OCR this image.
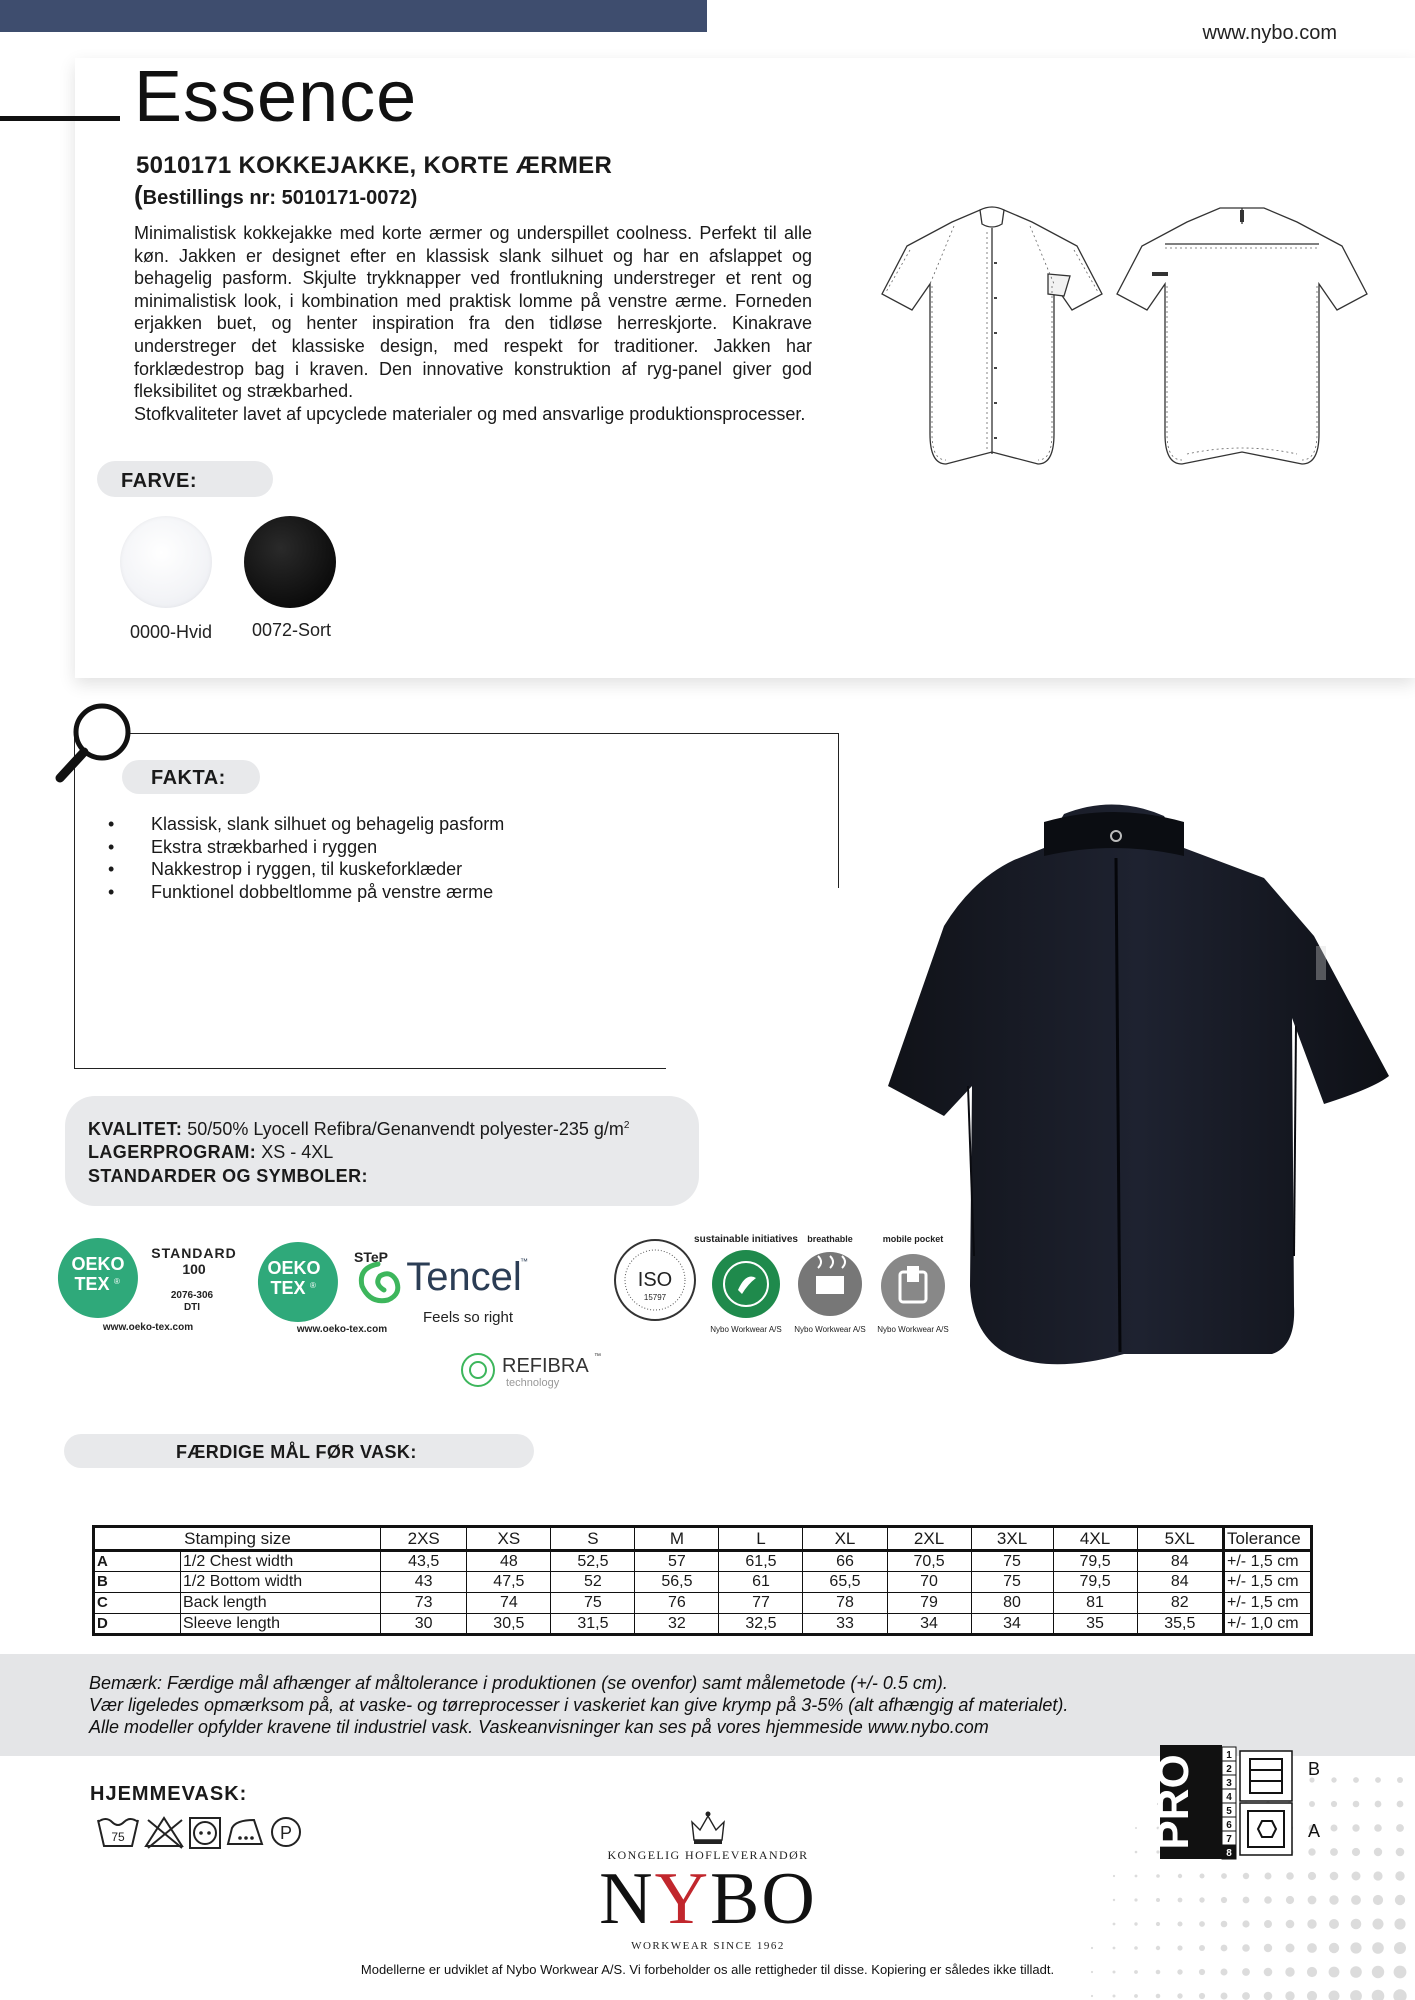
www.nybo.com
Essence
5010171 KOKKEJAKKE, KORTE ÆRMER
(Bestillings nr: 5010171-0072)

Minimalistisk kokkejakke med korte ærmer og underspillet coolness. Perfekt til alle køn. Jakken er designet efter en klassisk slank silhuet og har en afslappet og behagelig pasform. Skjulte trykknapper ved frontlukning understreger et rent og minimalistisk look, i kombination med praktisk lomme på venstre ærme. Forneden erjakken buet, og henter inspiration fra den tidløse herreskjorte. Kinakrave understreger det klassiske design, med respekt for traditioner. Jakken har forklædestrop bag i kraven. Den innovative konstruktion af ryg-panel giver god fleksibilitet og strækbarhed.

Stofkvaliteter lavet af upcyclede materialer og med ansvarlige produktionsprocesser.

FARVE:
0000-Hvid 0072-Sort
FAKTA:
• Klassisk, slank silhuet og behagelig pasform
• Ekstra strækbarhed i ryggen
• Nakkestrop i ryggen, til kuskeforklæder
• Funktionel dobbeltlomme på venstre ærme
KVALITET: 50/50% Lyocell Refibra/Genanvendt polyester-235 $g/m^2$
LAGERPROGRAM: XS - 4XL
STANDARDER OG SYMBOLER:
OEKO
TEX ®
STANDARD
100
2076-306
DTI
www.oeko-tex.com
OEKO
TEX ®
STeP
www.oeko-tex.com
Tencel
™
Feels so right
ISO
15797
sustainable initiatives
Nybo Workwear A/S
breathable
Nybo Workwear A/S
mobile pocket
Nybo Workwear A/S
REFIBRA ™
technology
FÆRDIGE MÅL FØR VASK:
Stamping size		2XS	XS	S	M	L	XL	2XL	3XL	4XL	5XL	Tolerance
A	1/2 Chest width	43,5	48	52,5	57	61,5	66	70,5	75	79,5	84	+/- 1,5 cm
B	1/2 Bottom width	43	47,5	52	56,5	61	65,5	70	75	79,5	84	+/- 1,5 cm
C	Back length	73	74	75	76	77	78	79	80	81	82	+/- 1,5 cm
D	Sleeve length	30	30,5	31,5	32	32,5	33	34	34	35	35,5	+/- 1,0 cm
Bemærk: Færdige mål afhænger af måltolerance i produktionen (se ovenfor) samt målemetode (+/- 0.5 cm).
Vær ligeledes opmærksom på, at vaske- og tørreprocesser i vaskeriet kan give krymp på 3-5% (alt afhængig af materialet).
Alle modeller opfylder kravene til industriel vask. Vaskeanvisninger kan ses på vores hjemmeside www.nybo.com
HJEMMEVASK:
75	P	PRO	1
2
3
4
5
6
7
8
B
A
KONGELIG HOFLEVERANDØR
NYBO
WORKWEAR SINCE 1962
Modellerne er udviklet af Nybo Workwear A/S. Vi forbeholder os alle rettigheder til disse. Kopiering er således ikke tilladt.
